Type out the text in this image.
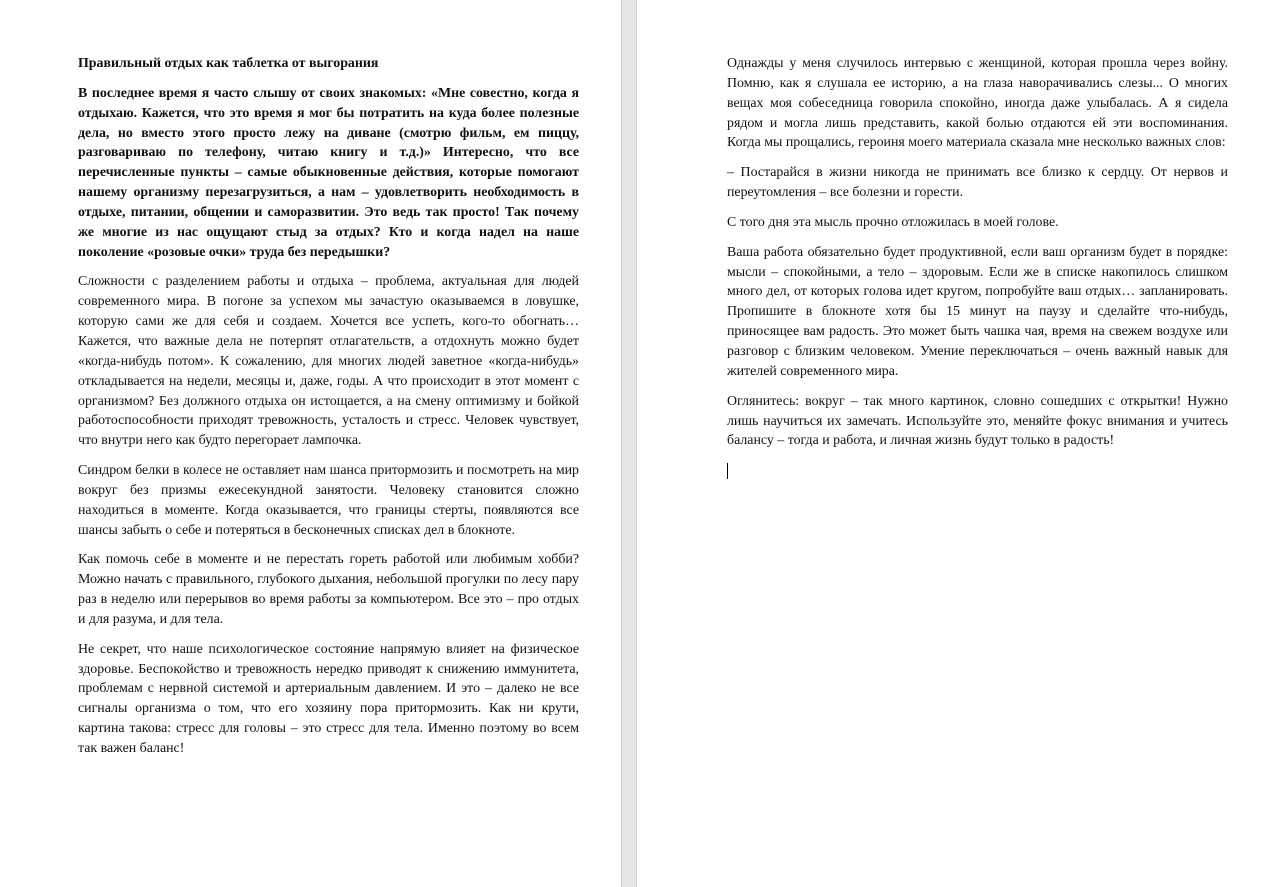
Правильный отдых как таблетка от выгорания

В последнее время я часто слышу от своих знакомых: «Мне совестно, когда я отдыхаю. Кажется, что это время я мог бы потратить на куда более полезные дела, но вместо этого просто лежу на диване (смотрю фильм, ем пиццу, разговариваю по телефону, читаю книгу и т.д.)» Интересно, что все перечисленные пункты – самые обыкновенные действия, которые помогают нашему организму перезагрузиться, а нам – удовлетворить необходимость в отдыхе, питании, общении и саморазвитии. Это ведь так просто! Так почему же многие из нас ощущают стыд за отдых? Кто и когда надел на наше поколение «розовые очки» труда без передышки?

Сложности с разделением работы и отдыха – проблема, актуальная для людей современного мира. В погоне за успехом мы зачастую оказываемся в ловушке, которую сами же для себя и создаем. Хочется все успеть, кого-то обогнать… Кажется, что важные дела не потерпят отлагательств, а отдохнуть можно будет «когда-нибудь потом». К сожалению, для многих людей заветное «когда-нибудь» откладывается на недели, месяцы и, даже, годы. А что происходит в этот момент с организмом? Без должного отдыха он истощается, а на смену оптимизму и бойкой работоспособности приходят тревожность, усталость и стресс. Человек чувствует, что внутри него как будто перегорает лампочка.

Синдром белки в колесе не оставляет нам шанса притормозить и посмотреть на мир вокруг без призмы ежесекундной занятости. Человеку становится сложно находиться в моменте. Когда оказывается, что границы стерты, появляются все шансы забыть о себе и потеряться в бесконечных списках дел в блокноте.

Как помочь себе в моменте и не перестать гореть работой или любимым хобби? Можно начать с правильного, глубокого дыхания, небольшой прогулки по лесу пару раз в неделю или перерывов во время работы за компьютером. Все это – про отдых и для разума, и для тела.

Не секрет, что наше психологическое состояние напрямую влияет на физическое здоровье. Беспокойство и тревожность нередко приводят к снижению иммунитета, проблемам с нервной системой и артериальным давлением. И это – далеко не все сигналы организма о том, что его хозяину пора притормозить. Как ни крути, картина такова: стресс для головы – это стресс для тела. Именно поэтому во всем так важен баланс!

Однажды у меня случилось интервью с женщиной, которая прошла через войну. Помню, как я слушала ее историю, а на глаза наворачивались слезы... О многих вещах моя собеседница говорила спокойно, иногда даже улыбалась. А я сидела рядом и могла лишь представить, какой болью отдаются ей эти воспоминания. Когда мы прощались, героиня моего материала сказала мне несколько важных слов:

– Постарайся в жизни никогда не принимать все близко к сердцу. От нервов и переутомления – все болезни и горести.

С того дня эта мысль прочно отложилась в моей голове.

Ваша работа обязательно будет продуктивной, если ваш организм будет в порядке: мысли – спокойными, а тело – здоровым. Если же в списке накопилось слишком много дел, от которых голова идет кругом, попробуйте ваш отдых… запланировать. Пропишите в блокноте хотя бы 15 минут на паузу и сделайте что-нибудь, приносящее вам радость. Это может быть чашка чая, время на свежем воздухе или разговор с близким человеком. Умение переключаться – очень важный навык для жителей современного мира.

Оглянитесь: вокруг – так много картинок, словно сошедших с открытки! Нужно лишь научиться их замечать. Используйте это, меняйте фокус внимания и учитесь балансу – тогда и работа, и личная жизнь будут только в радость!
